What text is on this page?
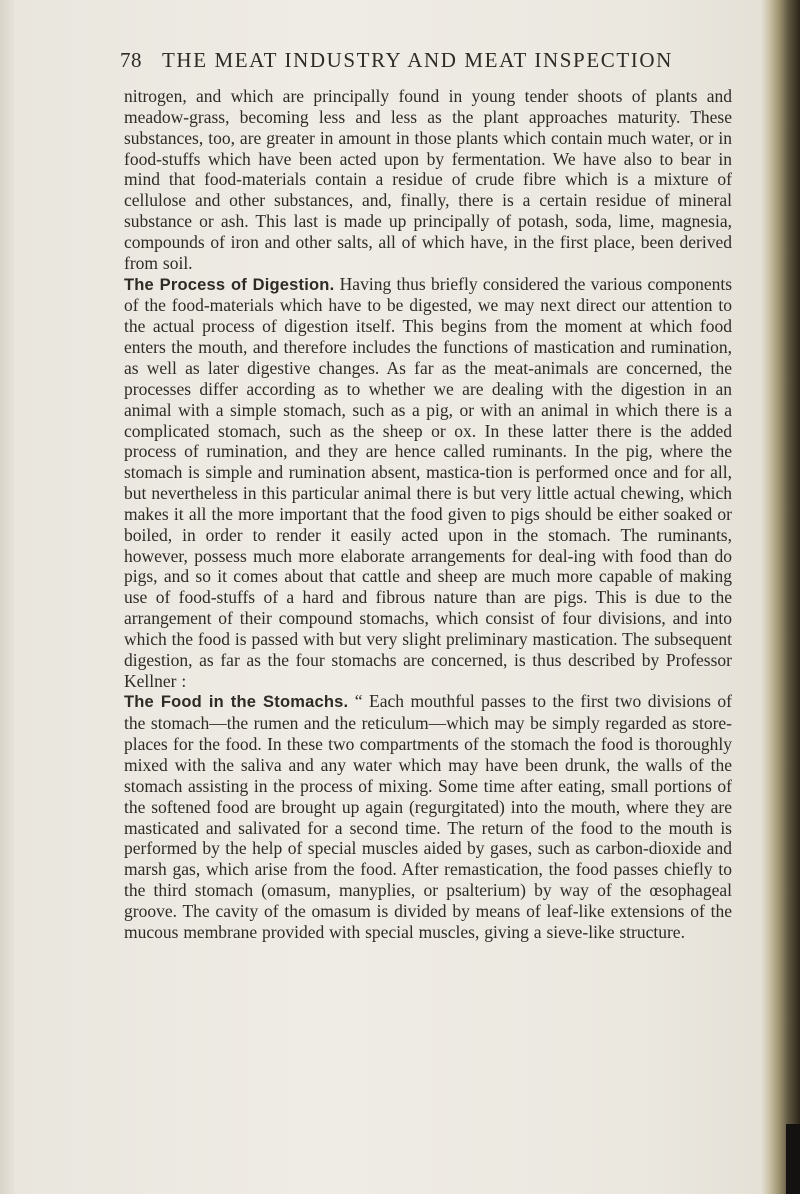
78 THE MEAT INDUSTRY AND MEAT INSPECTION

nitrogen, and which are principally found in young tender shoots of plants and meadow-grass, becoming less and less as the plant approaches maturity. These substances, too, are greater in amount in those plants which contain much water, or in food-stuffs which have been acted upon by fermentation. We have also to bear in mind that food-materials contain a residue of crude fibre which is a mixture of cellulose and other substances, and, finally, there is a certain residue of mineral substance or ash. This last is made up principally of potash, soda, lime, magnesia, compounds of iron and other salts, all of which have, in the first place, been derived from soil.

The Process of Digestion. Having thus briefly considered the various components of the food-materials which have to be digested, we may next direct our attention to the actual process of digestion itself. This begins from the moment at which food enters the mouth, and therefore includes the functions of mastication and rumination, as well as later digestive changes. As far as the meat-animals are concerned, the processes differ according as to whether we are dealing with the digestion in an animal with a simple stomach, such as a pig, or with an animal in which there is a complicated stomach, such as the sheep or ox. In these latter there is the added process of rumination, and they are hence called ruminants. In the pig, where the stomach is simple and rumination absent, mastica-tion is performed once and for all, but nevertheless in this particular animal there is but very little actual chewing, which makes it all the more important that the food given to pigs should be either soaked or boiled, in order to render it easily acted upon in the stomach. The ruminants, however, possess much more elaborate arrangements for deal-ing with food than do pigs, and so it comes about that cattle and sheep are much more capable of making use of food-stuffs of a hard and fibrous nature than are pigs. This is due to the arrangement of their compound stomachs, which consist of four divisions, and into which the food is passed with but very slight preliminary mastication. The subsequent digestion, as far as the four stomachs are concerned, is thus described by Professor Kellner :

The Food in the Stomachs. “ Each mouthful passes to the first two divisions of the stomach—the rumen and the reticulum—which may be simply regarded as store-places for the food. In these two compartments of the stomach the food is thoroughly mixed with the saliva and any water which may have been drunk, the walls of the stomach assisting in the process of mixing. Some time after eating, small portions of the softened food are brought up again (regurgitated) into the mouth, where they are masticated and salivated for a second time. The return of the food to the mouth is performed by the help of special muscles aided by gases, such as carbon-dioxide and marsh gas, which arise from the food. After remastication, the food passes chiefly to the third stomach (omasum, manyplies, or psalterium) by way of the œsophageal groove. The cavity of the omasum is divided by means of leaf-like extensions of the mucous membrane provided with special muscles, giving a sieve-like structure.
